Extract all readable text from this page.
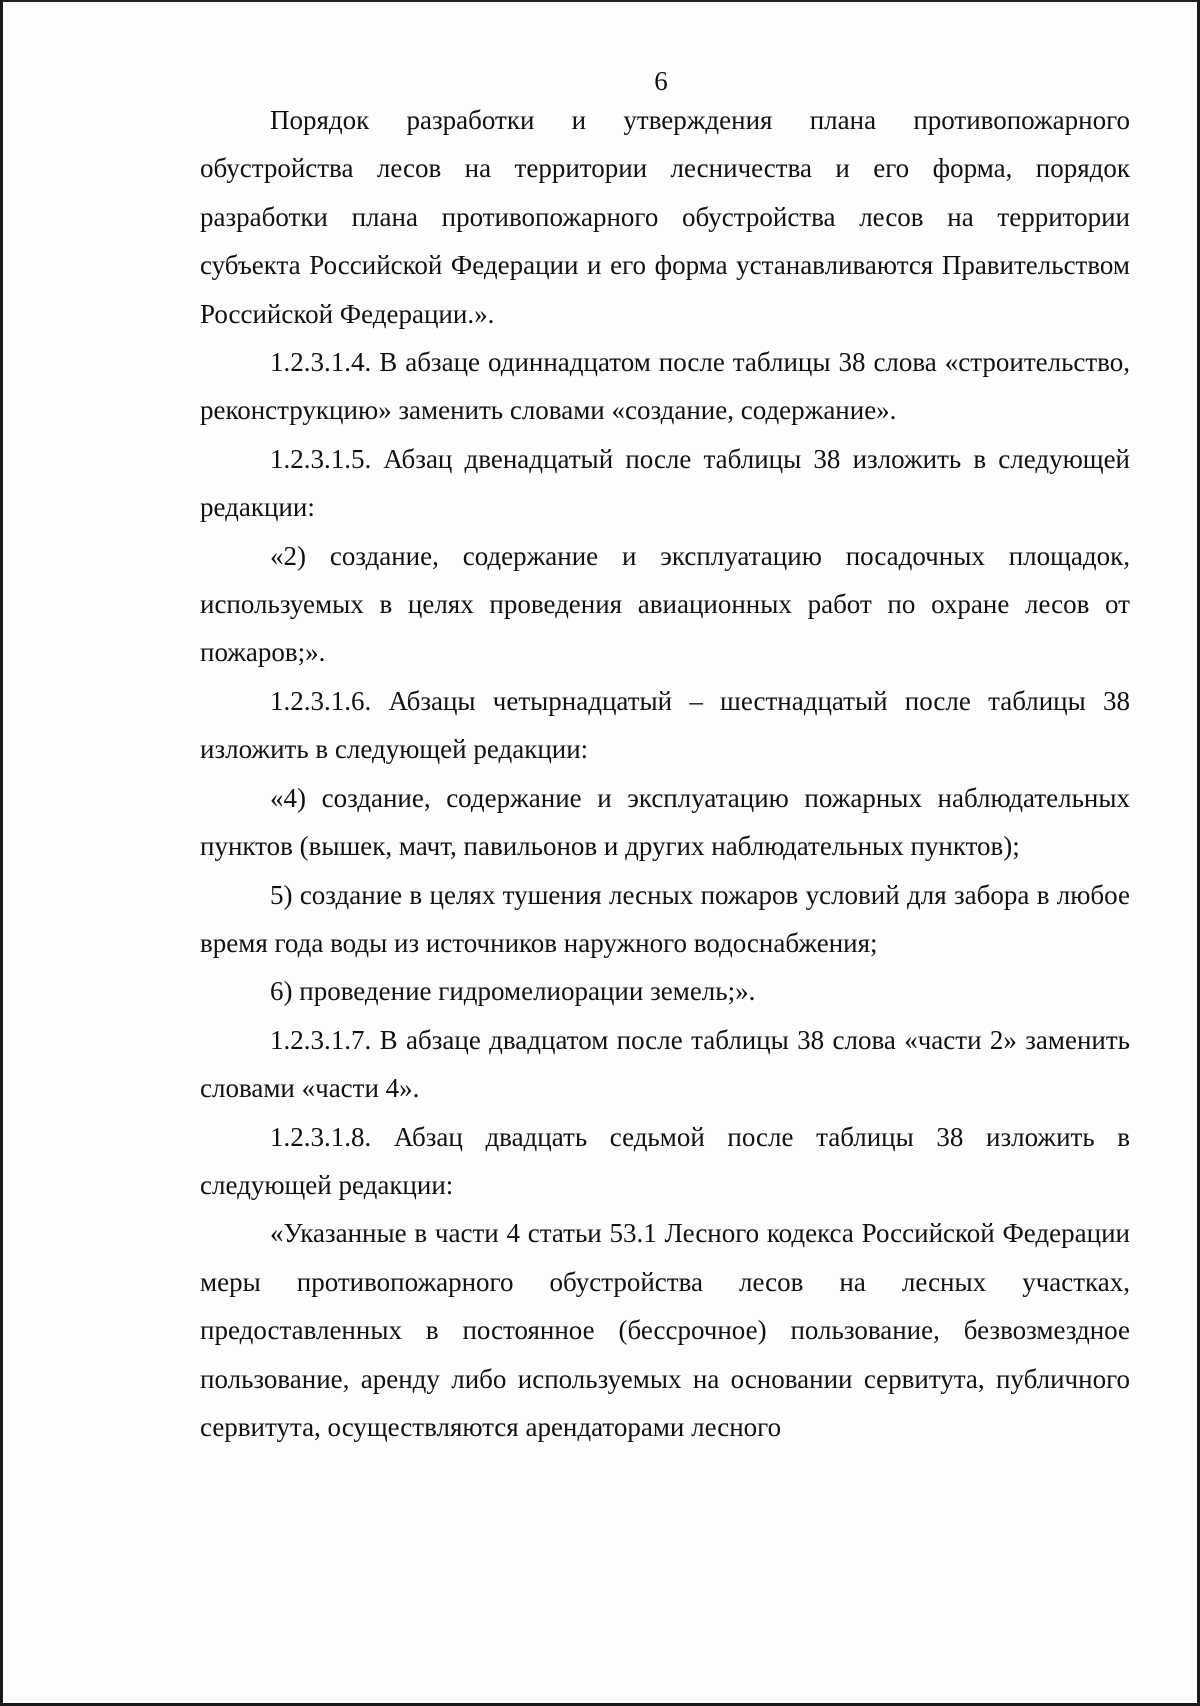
6

Порядок разработки и утверждения плана противопожарного обустройства лесов на территории лесничества и его форма, порядок разработки плана противопожарного обустройства лесов на территории субъекта Российской Федерации и его форма устанавливаются Правительством Российской Федерации.».

1.2.3.1.4. В абзаце одиннадцатом после таблицы 38 слова «строительство, реконструкцию» заменить словами «создание, содержание».

1.2.3.1.5. Абзац двенадцатый после таблицы 38 изложить в следующей редакции:

«2) создание, содержание и эксплуатацию посадочных площадок, используемых в целях проведения авиационных работ по охране лесов от пожаров;».

1.2.3.1.6. Абзацы четырнадцатый – шестнадцатый после таблицы 38 изложить в следующей редакции:

«4) создание, содержание и эксплуатацию пожарных наблюдательных пунктов (вышек, мачт, павильонов и других наблюдательных пунктов);

5) создание в целях тушения лесных пожаров условий для забора в любое время года воды из источников наружного водоснабжения;

6) проведение гидромелиорации земель;».

1.2.3.1.7. В абзаце двадцатом после таблицы 38 слова «части 2» заменить словами «части 4».

1.2.3.1.8. Абзац двадцать седьмой после таблицы 38 изложить в следующей редакции:

«Указанные в части 4 статьи 53.1 Лесного кодекса Российской Федерации меры противопожарного обустройства лесов на лесных участках, предоставленных в постоянное (бессрочное) пользование, безвозмездное пользование, аренду либо используемых на основании сервитута, публичного сервитута, осуществляются арендаторами лесного
